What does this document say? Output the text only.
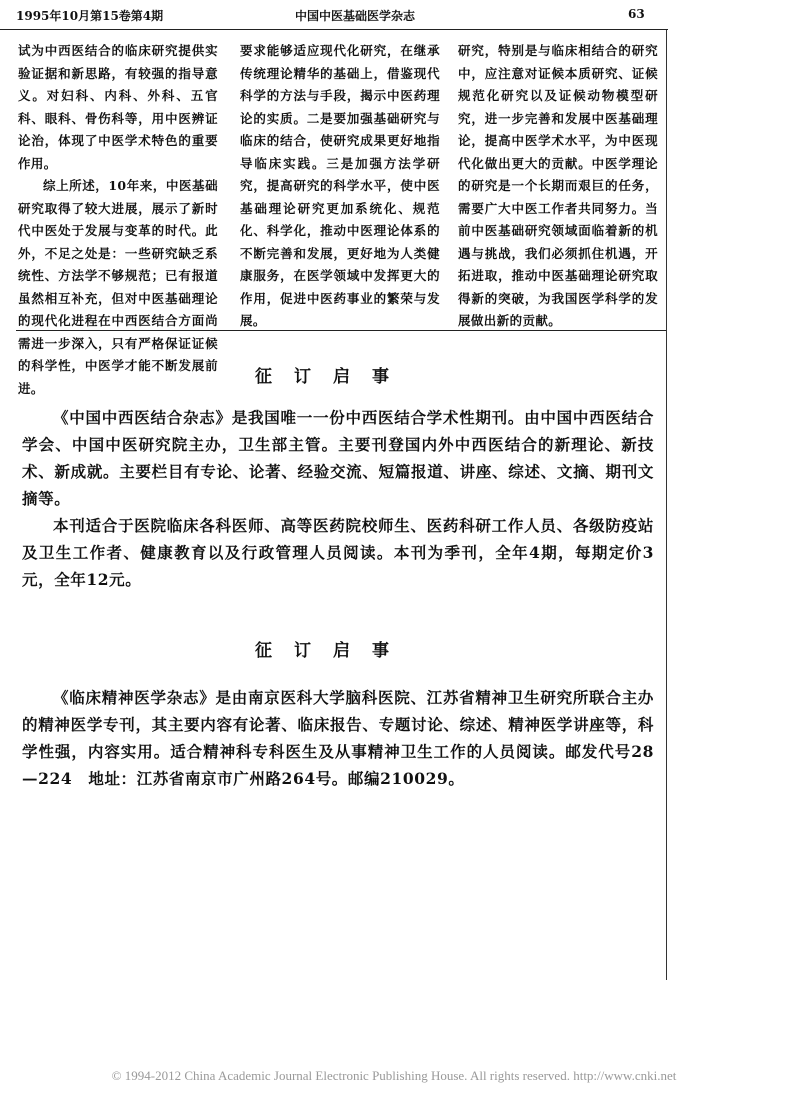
1995年10月第15卷第4期	中国中医基础医学杂志	63

试为中西医结合的临床研究提供实验证据和新思路，有较强的指导意义。对妇科、内科、外科、五官科、眼科、骨伤科等，用中医辨证论治，体现了中医学术特色的重要作用。

综上所述，10年来，中医基础研究取得了较大进展，展示了新时代中医处于发展与变革的时代。此外，不足之处是：一些研究缺乏系统性、方法学不够规范；已有报道虽然相互补充，但对中医基础理论的现代化进程在中西医结合方面尚需进一步深入，只有严格保证证候的科学性，中医学才能不断发展前进。

要求能够适应现代化研究，在继承传统理论精华的基础上，借鉴现代科学的方法与手段，揭示中医药理论的实质。二是要加强基础研究与临床的结合，使研究成果更好地指导临床实践。三是加强方法学研究，提高研究的科学水平，使中医基础理论研究更加系统化、规范化、科学化，推动中医理论体系的不断完善和发展，更好地为人类健康服务，在医学领域中发挥更大的作用，促进中医药事业的繁荣与发展。

研究，特别是与临床相结合的研究中，应注意对证候本质研究、证候规范化研究以及证候动物模型研究，进一步完善和发展中医基础理论，提高中医学术水平，为中医现代化做出更大的贡献。中医学理论的研究是一个长期而艰巨的任务，需要广大中医工作者共同努力。当前中医基础研究领域面临着新的机遇与挑战，我们必须抓住机遇，开拓进取，推动中医基础理论研究取得新的突破，为我国医学科学的发展做出新的贡献。

征订启事

《中国中西医结合杂志》是我国唯一一份中西医结合学术性期刊。由中国中西医结合学会、中国中医研究院主办，卫生部主管。主要刊登国内外中西医结合的新理论、新技术、新成就。主要栏目有专论、论著、经验交流、短篇报道、讲座、综述、文摘、期刊文摘等。

本刊适合于医院临床各科医师、高等医药院校师生、医药科研工作人员、各级防疫站及卫生工作者、健康教育以及行政管理人员阅读。本刊为季刊，全年4期，每期定价3元，全年12元。

征订启事

《临床精神医学杂志》是由南京医科大学脑科医院、江苏省精神卫生研究所联合主办的精神医学专刊，其主要内容有论著、临床报告、专题讨论、综述、精神医学讲座等，科学性强，内容实用。适合精神科专科医生及从事精神卫生工作的人员阅读。邮发代号28—224　地址：江苏省南京市广州路264号。邮编210029。

© 1994-2012 China Academic Journal Electronic Publishing House. All rights reserved. http://www.cnki.net
